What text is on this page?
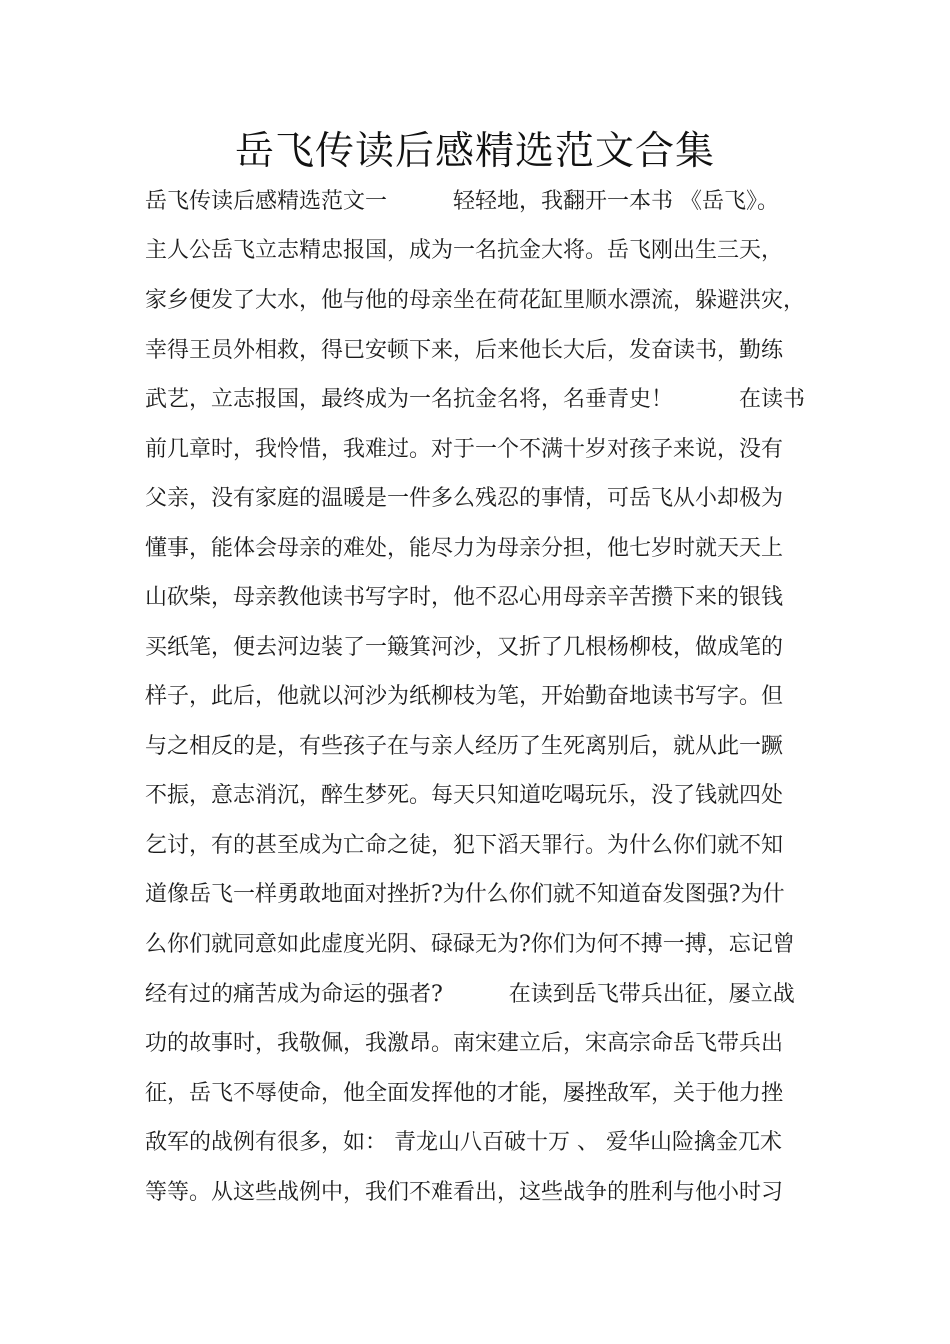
岳飞传读后感精选范文合集
岳飞传读后感精选范文一　　　轻轻地，我翻开一本书 《岳飞》。
主人公岳飞立志精忠报国，成为一名抗金大将。岳飞刚出生三天，
家乡便发了大水，他与他的母亲坐在荷花缸里顺水漂流，躲避洪灾，
幸得王员外相救，得已安顿下来，后来他长大后，发奋读书，勤练
武艺，立志报国，最终成为一名抗金名将，名垂青史！　　　在读书
前几章时，我怜惜，我难过。对于一个不满十岁对孩子来说，没有
父亲，没有家庭的温暖是一件多么残忍的事情，可岳飞从小却极为
懂事，能体会母亲的难处，能尽力为母亲分担，他七岁时就天天上
山砍柴，母亲教他读书写字时，他不忍心用母亲辛苦攒下来的银钱
买纸笔，便去河边装了一簸箕河沙，又折了几根杨柳枝，做成笔的
样子，此后，他就以河沙为纸柳枝为笔，开始勤奋地读书写字。但
与之相反的是，有些孩子在与亲人经历了生死离别后，就从此一蹶
不振，意志消沉，醉生梦死。每天只知道吃喝玩乐，没了钱就四处
乞讨，有的甚至成为亡命之徒，犯下滔天罪行。为什么你们就不知
道像岳飞一样勇敢地面对挫折?为什么你们就不知道奋发图强?为什
么你们就同意如此虚度光阴、碌碌无为?你们为何不搏一搏，忘记曾
经有过的痛苦成为命运的强者?　　　在读到岳飞带兵出征，屡立战
功的故事时，我敬佩，我激昂。南宋建立后，宋高宗命岳飞带兵出
征，岳飞不辱使命，他全面发挥他的才能，屡挫敌军，关于他力挫
敌军的战例有很多，如： 青龙山八百破十万 、 爱华山险擒金兀术
等等。从这些战例中，我们不难看出，这些战争的胜利与他小时习
